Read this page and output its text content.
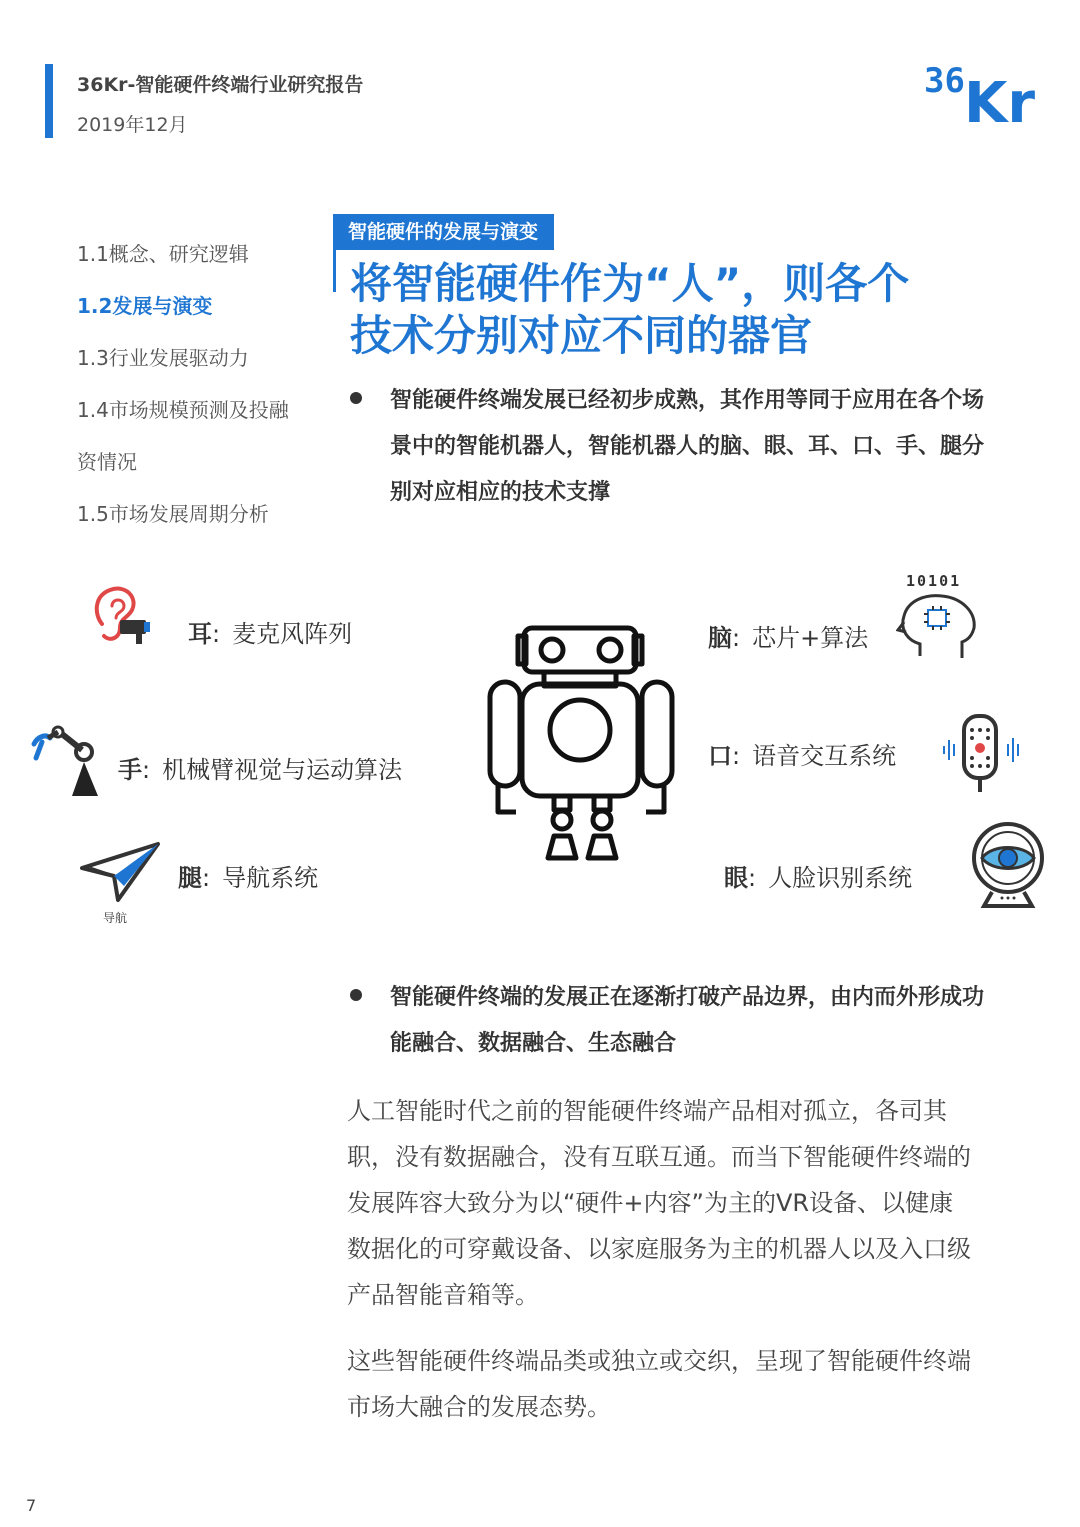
36Kr-智能硬件终端行业研究报告
2019年12月
36 Kr
1.1概念、研究逻辑
1.2发展与演变
1.3行业发展驱动力
1.4市场规模预测及投融
资情况
1.5市场发展周期分析
智能硬件的发展与演变
将智能硬件作为“人”，则各个
技术分别对应不同的器官
智能硬件终端发展已经初步成熟，其作用等同于应用在各个场景中的智能机器人，智能机器人的脑、眼、耳、口、手、腿分别对应相应的技术支撑
耳: 麦克风阵列
手: 机械臂视觉与运动算法
导航
腿: 导航系统
脑: 芯片+算法
10101
口: 语音交互系统
眼: 人脸识别系统
智能硬件终端的发展正在逐渐打破产品边界，由内而外形成功能融合、数据融合、生态融合
人工智能时代之前的智能硬件终端产品相对孤立，各司其职，没有数据融合，没有互联互通。而当下智能硬件终端的发展阵容大致分为以“硬件+内容”为主的VR设备、以健康数据化的可穿戴设备、以家庭服务为主的机器人以及入口级产品智能音箱等。
这些智能硬件终端品类或独立或交织，呈现了智能硬件终端市场大融合的发展态势。
7
